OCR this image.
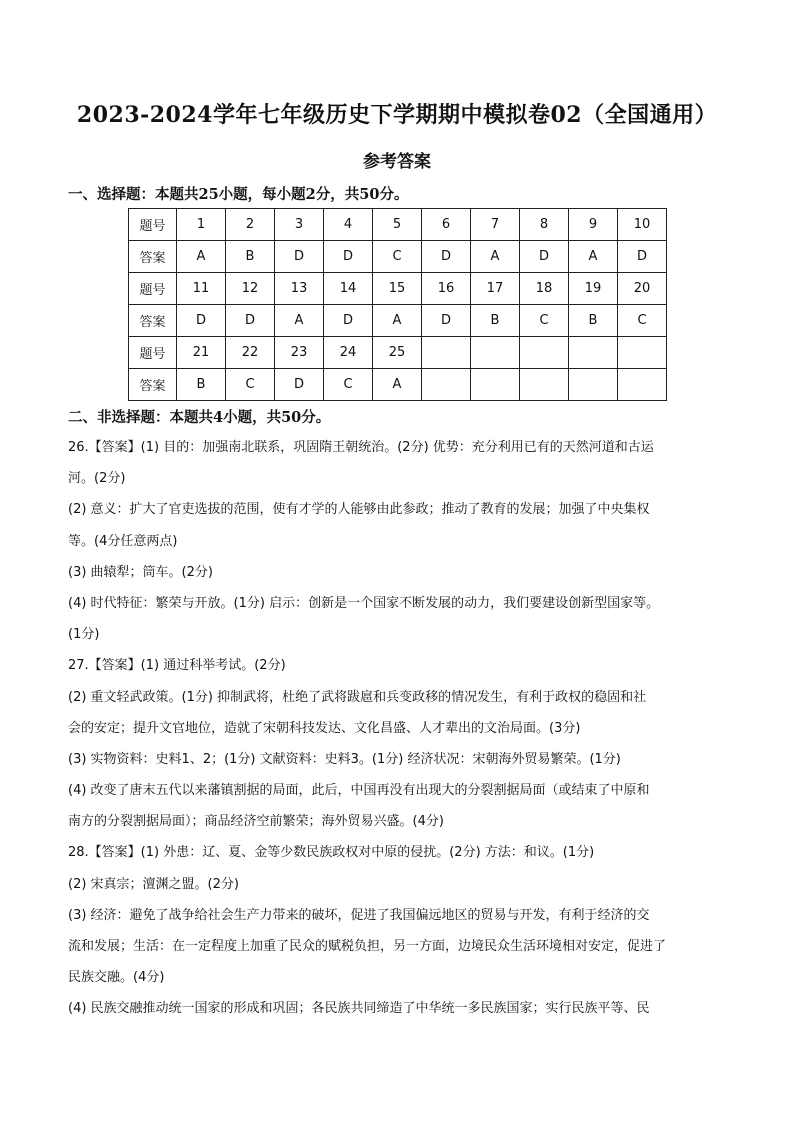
2023-2024学年七年级历史下学期期中模拟卷02（全国通用）
参考答案
一、选择题：本题共25小题，每小题2分，共50分。
题号	1	2	3	4	5	6	7	8	9	10
答案	A	B	D	D	C	D	A	D	A	D
题号	11	12	13	14	15	16	17	18	19	20
答案	D	D	A	D	A	D	B	C	B	C
题号	21	22	23	24	25					
答案	B	C	D	C	A					
二、非选择题：本题共4小题，共50分。
26.【答案】(1) 目的：加强南北联系，巩固隋王朝统治。(2分) 优势：充分利用已有的天然河道和古运
河。(2分)
(2) 意义：扩大了官吏选拔的范围，使有才学的人能够由此参政；推动了教育的发展；加强了中央集权
等。(4分任意两点)
(3) 曲辕犁；筒车。(2分)
(4) 时代特征：繁荣与开放。(1分) 启示：创新是一个国家不断发展的动力，我们要建设创新型国家等。
(1分)
27.【答案】(1) 通过科举考试。(2分)
(2) 重文轻武政策。(1分) 抑制武将，杜绝了武将跋扈和兵变政移的情况发生，有利于政权的稳固和社
会的安定；提升文官地位，造就了宋朝科技发达、文化昌盛、人才辈出的文治局面。(3分)
(3) 实物资料：史料1、2；(1分) 文献资料：史料3。(1分) 经济状况：宋朝海外贸易繁荣。(1分)
(4) 改变了唐末五代以来藩镇割据的局面，此后，中国再没有出现大的分裂割据局面（或结束了中原和
南方的分裂割据局面）；商品经济空前繁荣；海外贸易兴盛。(4分)
28.【答案】(1) 外患：辽、夏、金等少数民族政权对中原的侵扰。(2分) 方法：和议。(1分)
(2) 宋真宗；澶渊之盟。(2分)
(3) 经济：避免了战争给社会生产力带来的破坏，促进了我国偏远地区的贸易与开发，有利于经济的交
流和发展；生活：在一定程度上加重了民众的赋税负担，另一方面，边境民众生活环境相对安定，促进了
民族交融。(4分)
(4) 民族交融推动统一国家的形成和巩固；各民族共同缔造了中华统一多民族国家；实行民族平等、民
